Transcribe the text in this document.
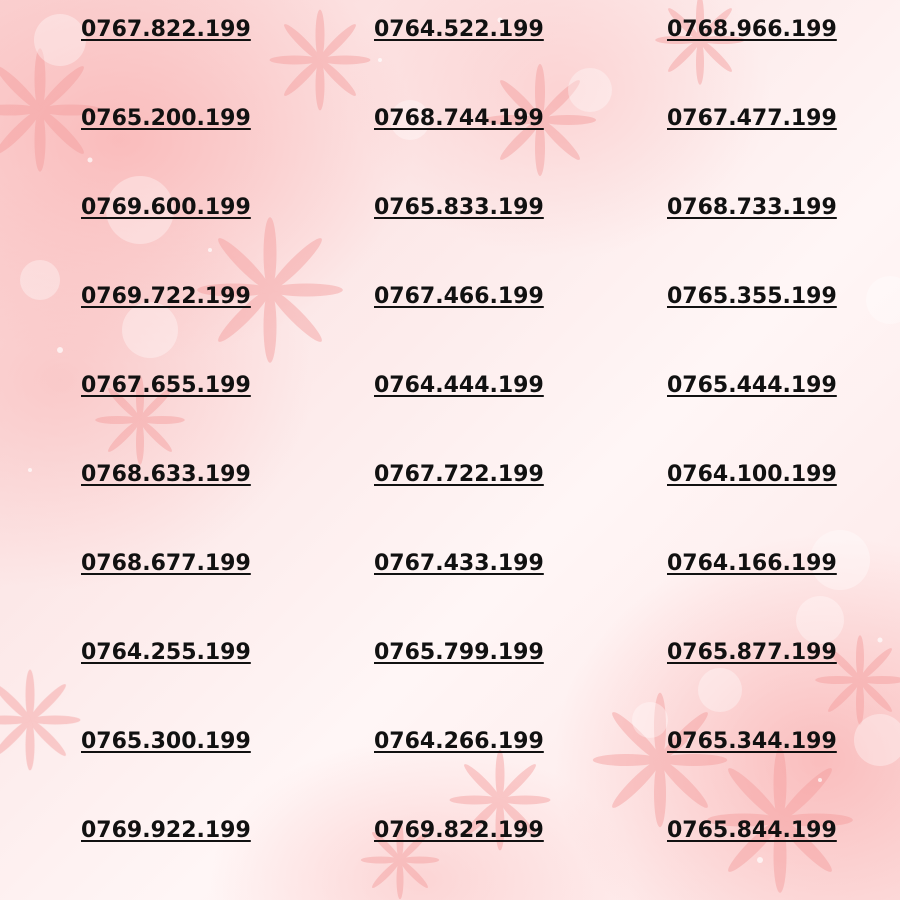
0767.822.199	0764.522.199	0768.966.199
0765.200.199	0768.744.199	0767.477.199
0769.600.199	0765.833.199	0768.733.199
0769.722.199	0767.466.199	0765.355.199
0767.655.199	0764.444.199	0765.444.199
0768.633.199	0767.722.199	0764.100.199
0768.677.199	0767.433.199	0764.166.199
0764.255.199	0765.799.199	0765.877.199
0765.300.199	0764.266.199	0765.344.199
0769.922.199	0769.822.199	0765.844.199
